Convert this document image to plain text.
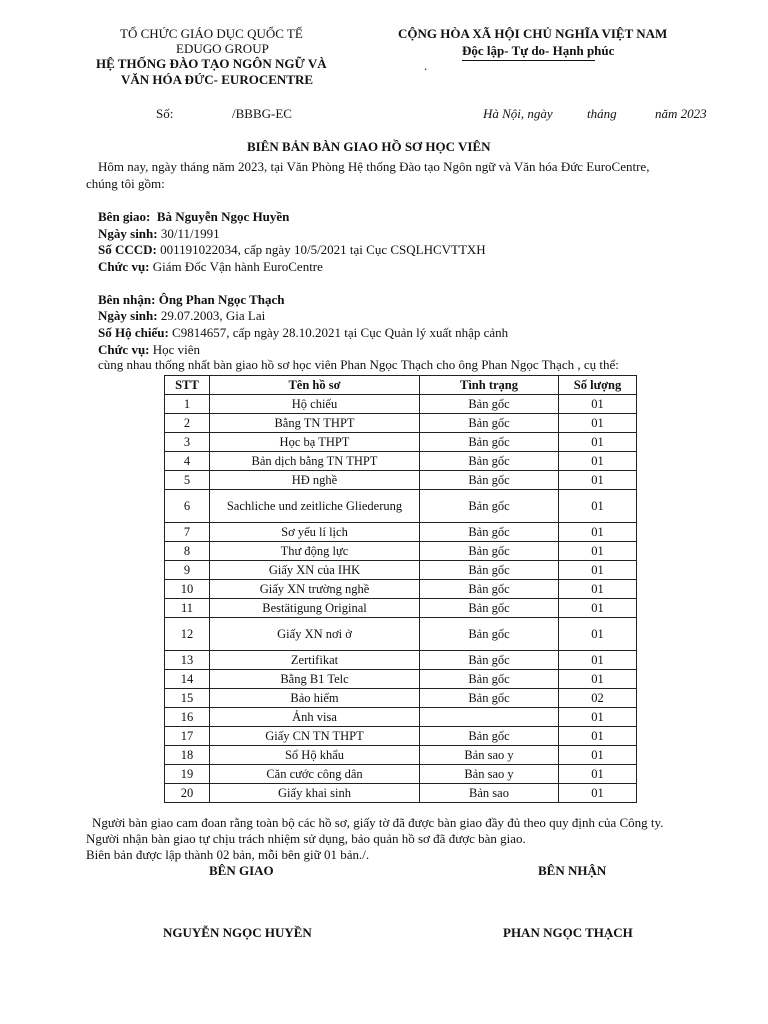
TỔ CHỨC GIÁO DỤC QUỐC TẾ
EDUGO GROUP
HỆ THỐNG ĐÀO TẠO NGÔN NGỮ VÀ
VĂN HÓA ĐỨC- EUROCENTRE
CỘNG HÒA XÃ HỘI CHỦ NGHĨA VIỆT NAM
Độc lập- Tự do- Hạnh phúc
.
Số:	/BBBG-EC	Hà Nội, ngày	tháng	năm 2023
BIÊN BẢN BÀN GIAO HỒ SƠ HỌC VIÊN
Hôm nay, ngày tháng năm 2023, tại Văn Phòng Hệ thống Đào tạo Ngôn ngữ và Văn hóa Đức EuroCentre,
chúng tôi gồm:
Bên giao: Bà Nguyễn Ngọc Huyền
Ngày sinh: 30/11/1991
Số CCCD: 001191022034, cấp ngày 10/5/2021 tại Cục CSQLHCVTTXH
Chức vụ: Giám Đốc Vận hành EuroCentre
Bên nhận: Ông Phan Ngọc Thạch
Ngày sinh: 29.07.2003, Gia Lai
Số Hộ chiếu: C9814657, cấp ngày 28.10.2021 tại Cục Quản lý xuất nhập cảnh
Chức vụ: Học viên
cùng nhau thống nhất bàn giao hồ sơ học viên Phan Ngọc Thạch cho ông Phan Ngọc Thạch , cụ thể:
STT	Tên hồ sơ	Tình trạng	Số lượng
1	Hộ chiếu	Bản gốc	01
2	Bằng TN THPT	Bản gốc	01
3	Học bạ THPT	Bản gốc	01
4	Bản dịch bằng TN THPT	Bản gốc	01
5	HĐ nghề	Bản gốc	01
6	Sachliche und zeitliche Gliederung	Bản gốc	01
7	Sơ yếu lí lịch	Bản gốc	01
8	Thư động lực	Bản gốc	01
9	Giấy XN của IHK	Bản gốc	01
10	Giấy XN trường nghề	Bản gốc	01
11	Bestätigung Original	Bản gốc	01
12	Giấy XN nơi ở	Bản gốc	01
13	Zertifikat	Bản gốc	01
14	Bằng B1 Telc	Bản gốc	01
15	Bảo hiểm	Bản gốc	02
16	Ảnh visa		01
17	Giấy CN TN THPT	Bản gốc	01
18	Sổ Hộ khẩu	Bản sao y	01
19	Căn cước công dân	Bản sao y	01
20	Giấy khai sinh	Bản sao	01
Người bàn giao cam đoan rằng toàn bộ các hồ sơ, giấy tờ đã được bàn giao đầy đủ theo quy định của Công ty.
Người nhận bàn giao tự chịu trách nhiệm sử dụng, bảo quản hồ sơ đã được bàn giao.
Biên bản được lập thành 02 bản, mỗi bên giữ 01 bản./.
BÊN GIAO	BÊN NHẬN
NGUYỄN NGỌC HUYỀN	PHAN NGỌC THẠCH
